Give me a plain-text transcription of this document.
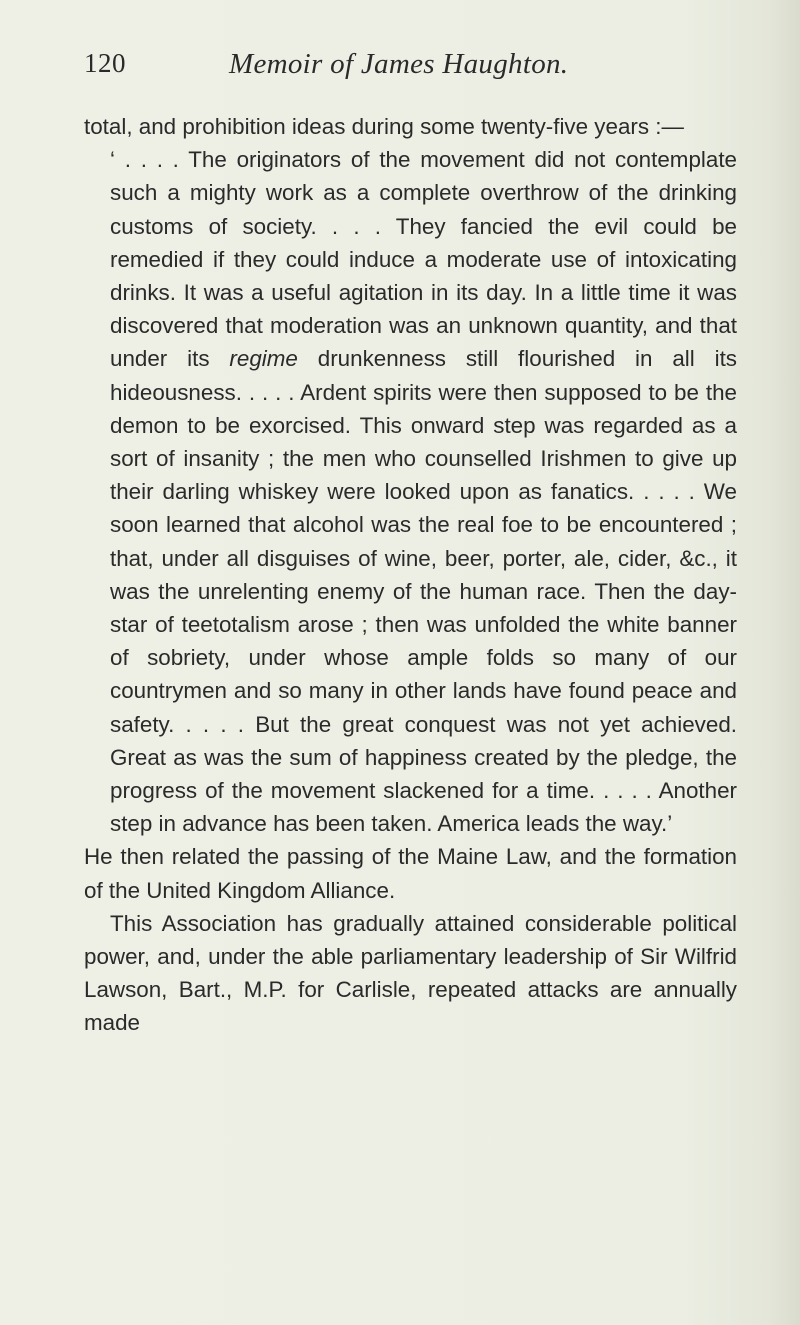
120	Memoir of James Haughton.

total, and prohibition ideas during some twenty-five years :—

‘ . . . . The originators of the movement did not contemplate such a mighty work as a complete overthrow of the drinking customs of society. . . . They fancied the evil could be remedied if they could induce a moderate use of intoxicating drinks. It was a useful agitation in its day. In a little time it was discovered that moderation was an unknown quantity, and that under its regime drunkenness still flourished in all its hideousness. . . . . Ardent spirits were then supposed to be the demon to be exorcised. This onward step was regarded as a sort of insanity ; the men who counselled Irishmen to give up their darling whiskey were looked upon as fanatics. . . . . We soon learned that alcohol was the real foe to be encountered ; that, under all disguises of wine, beer, porter, ale, cider, &c., it was the unrelenting enemy of the human race. Then the day-star of teetotalism arose ; then was unfolded the white banner of sobriety, under whose ample folds so many of our countrymen and so many in other lands have found peace and safety. . . . . But the great conquest was not yet achieved. Great as was the sum of happiness created by the pledge, the progress of the movement slackened for a time. . . . . Another step in advance has been taken. America leads the way.’

He then related the passing of the Maine Law, and the formation of the United Kingdom Alliance.

This Association has gradually attained considerable political power, and, under the able parliamentary leadership of Sir Wilfrid Lawson, Bart., M.P. for Carlisle, repeated attacks are annually made
